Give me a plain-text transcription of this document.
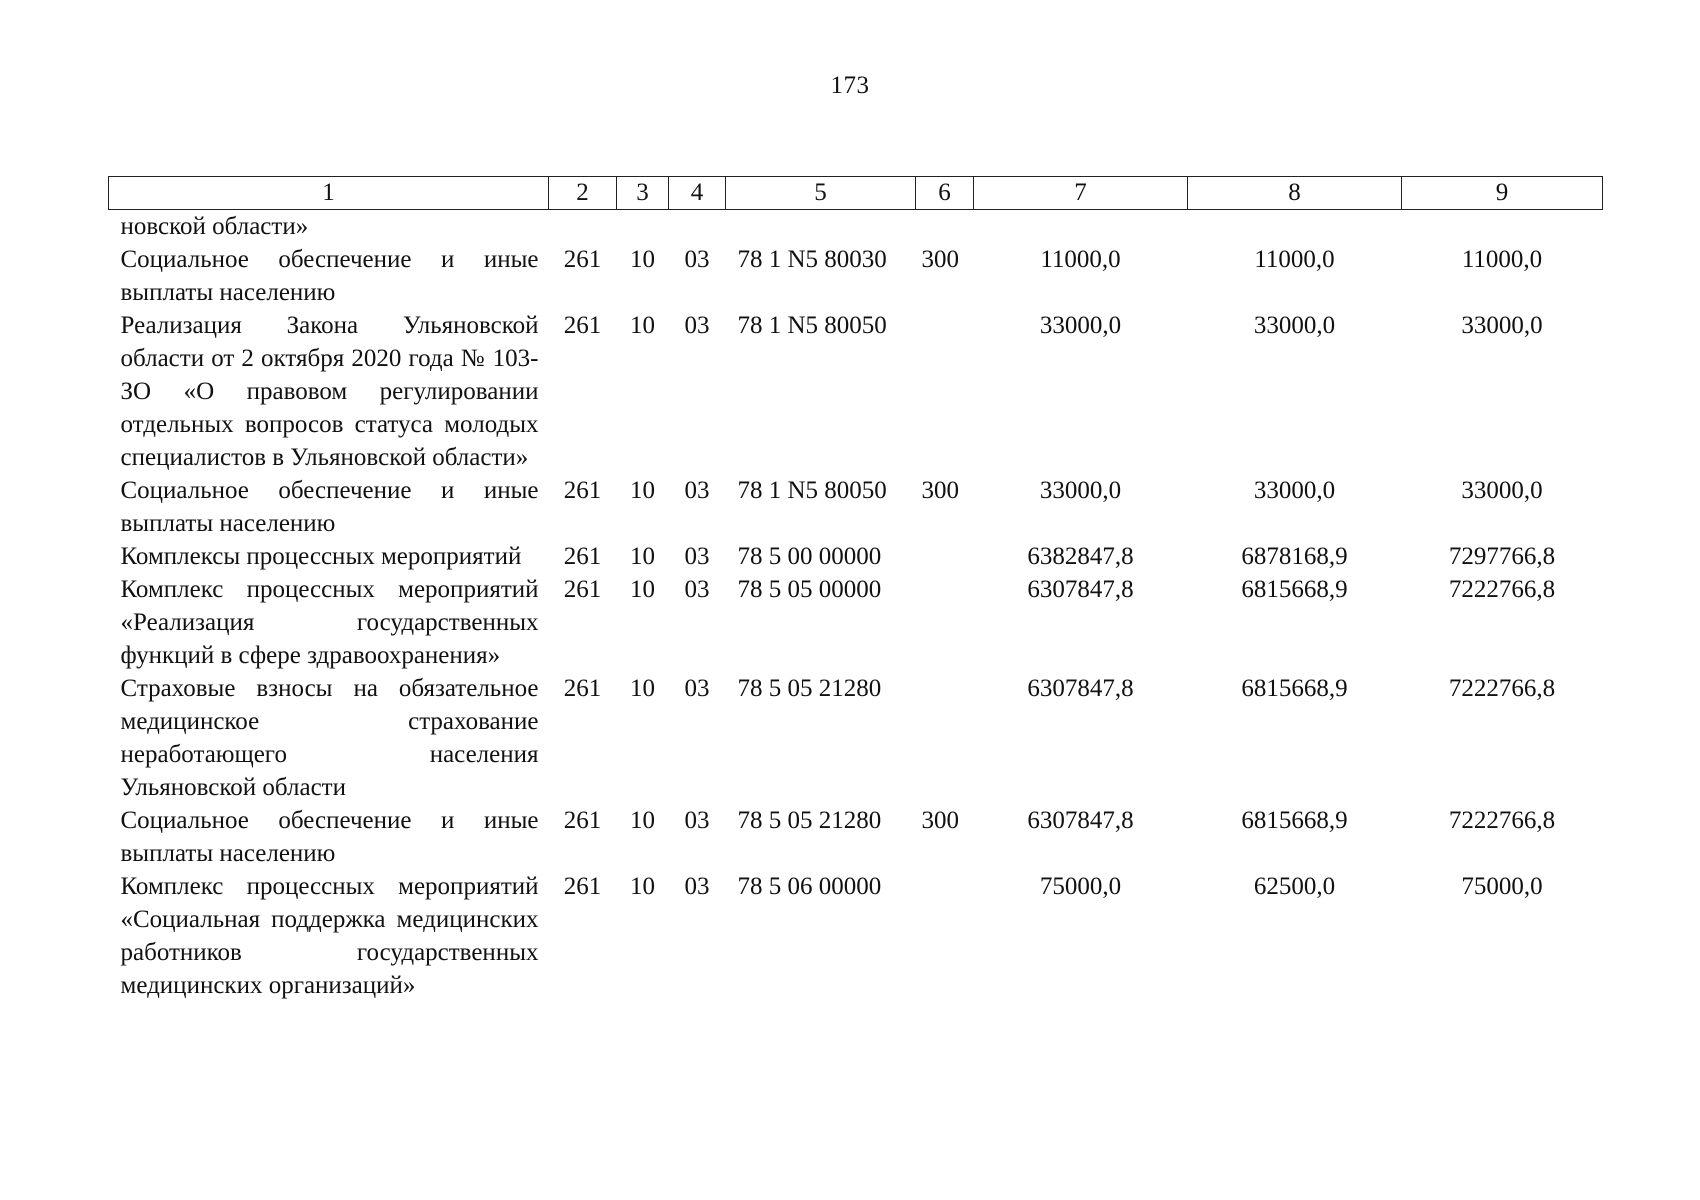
173
1	2	3	4	5	6	7	8	9
новской области»								
Социальное обеспечение и иные выплаты населению	261	10	03	78 1 N5 80030	300	11000,0	11000,0	11000,0
Реализация Закона Ульяновской области от 2 октября 2020 года № 103-ЗО «О правовом регулировании отдельных вопросов статуса молодых специалистов в Ульяновской области»	261	10	03	78 1 N5 80050		33000,0	33000,0	33000,0
Социальное обеспечение и иные выплаты населению	261	10	03	78 1 N5 80050	300	33000,0	33000,0	33000,0
Комплексы процессных мероприятий	261	10	03	78 5 00 00000		6382847,8	6878168,9	7297766,8
Комплекс процессных мероприятий «Реализация государственных функций в сфере здравоохранения»	261	10	03	78 5 05 00000		6307847,8	6815668,9	7222766,8
Страховые взносы на обязательное медицинское страхование неработающего населения Ульяновской области	261	10	03	78 5 05 21280		6307847,8	6815668,9	7222766,8
Социальное обеспечение и иные выплаты населению	261	10	03	78 5 05 21280	300	6307847,8	6815668,9	7222766,8
Комплекс процессных мероприятий «Социальная поддержка медицинских работников государственных медицинских организаций»	261	10	03	78 5 06 00000		75000,0	62500,0	75000,0
